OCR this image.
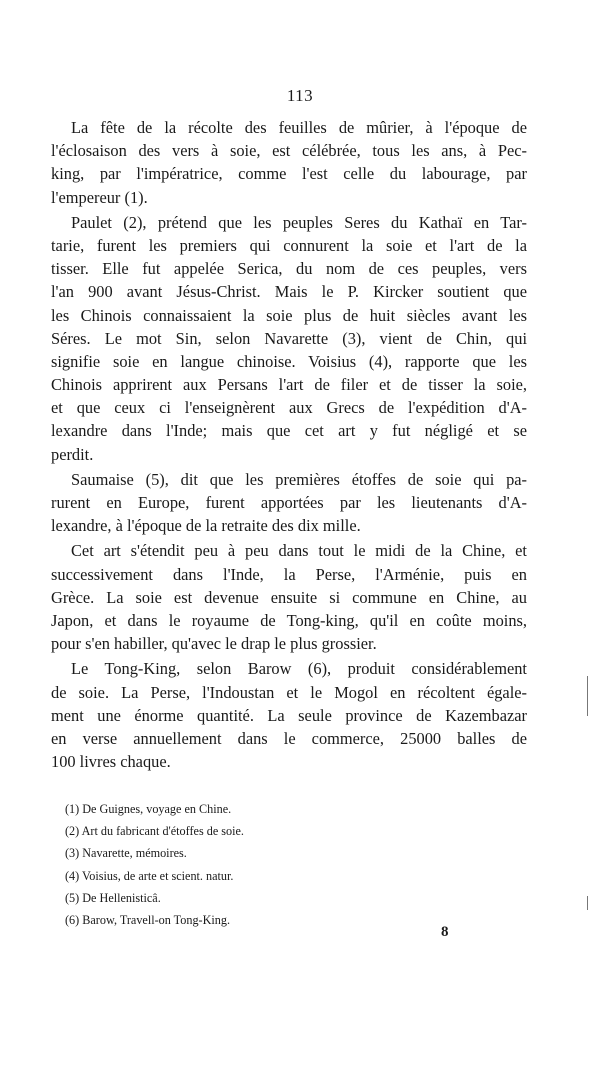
113

La fête de la récolte des feuilles de mûrier, à l'époque de
l'éclosaison des vers à soie, est célébrée, tous les ans, à Pec-
king, par l'impératrice, comme l'est celle du labourage, par
l'empereur (1).

Paulet (2), prétend que les peuples Seres du Kathaï en Tar-
tarie, furent les premiers qui connurent la soie et l'art de la
tisser. Elle fut appelée Serica, du nom de ces peuples, vers
l'an 900 avant Jésus-Christ. Mais le P. Kircker soutient que
les Chinois connaissaient la soie plus de huit siècles avant les
Séres. Le mot Sin, selon Navarette (3), vient de Chin, qui
signifie soie en langue chinoise. Voisius (4), rapporte que les
Chinois apprirent aux Persans l'art de filer et de tisser la soie,
et que ceux ci l'enseignèrent aux Grecs de l'expédition d'A-
lexandre dans l'Inde; mais que cet art y fut négligé et se
perdit.

Saumaise (5), dit que les premières étoffes de soie qui pa-
rurent en Europe, furent apportées par les lieutenants d'A-
lexandre, à l'époque de la retraite des dix mille.

Cet art s'étendit peu à peu dans tout le midi de la Chine, et
successivement dans l'Inde, la Perse, l'Arménie, puis en
Grèce. La soie est devenue ensuite si commune en Chine, au
Japon, et dans le royaume de Tong-king, qu'il en coûte moins,
pour s'en habiller, qu'avec le drap le plus grossier.

Le Tong-King, selon Barow (6), produit considérablement
de soie. La Perse, l'Indoustan et le Mogol en récoltent égale-
ment une énorme quantité. La seule province de Kazembazar
en verse annuellement dans le commerce, 25000 balles de
100 livres chaque.

(1) De Guignes, voyage en Chine.
(2) Art du fabricant d'étoffes de soie.
(3) Navarette, mémoires.
(4) Voisius, de arte et scient. natur.
(5) De Hellenisticâ.
(6) Barow, Travell-on Tong-King.
8
